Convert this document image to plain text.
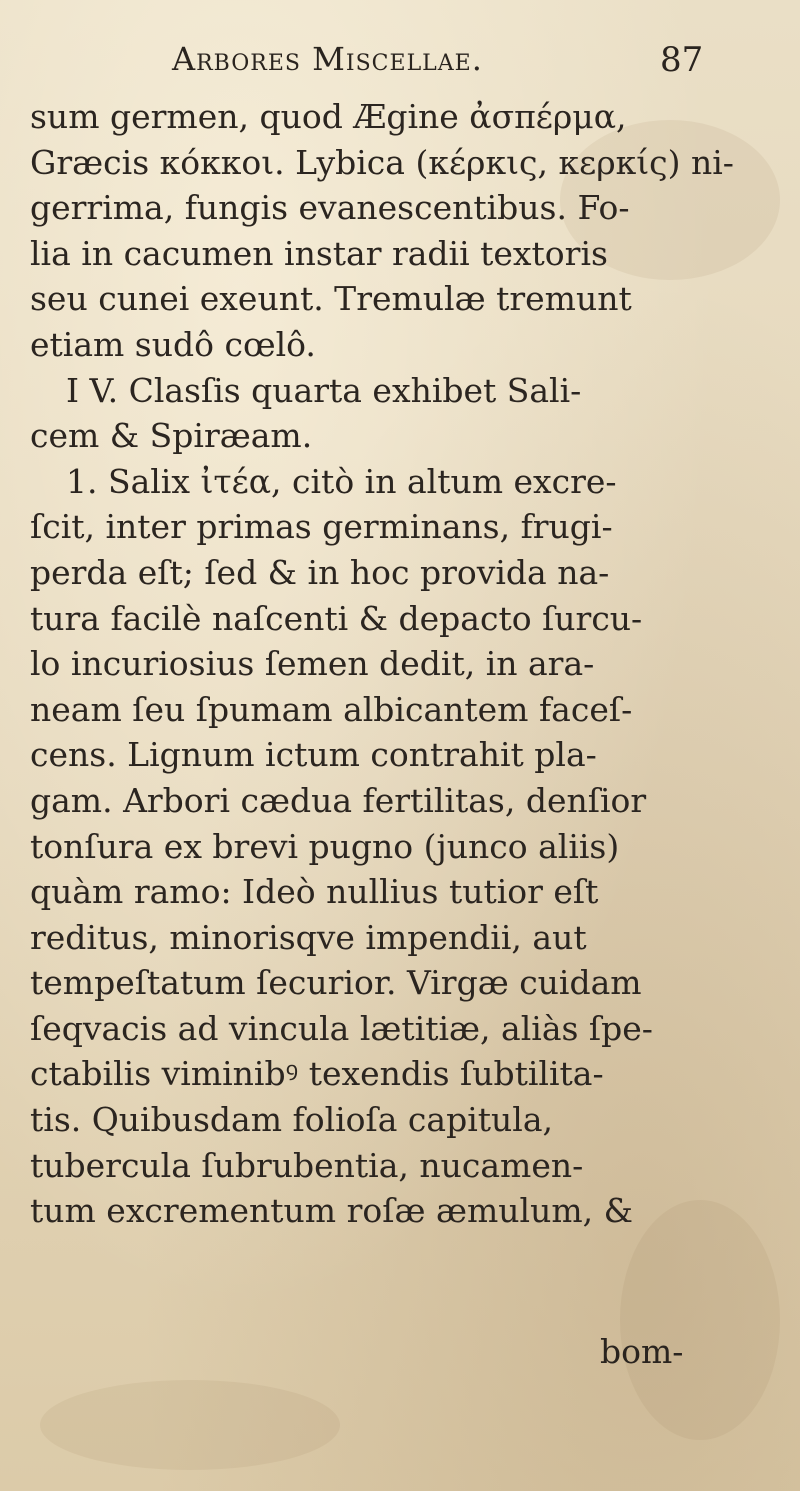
Arbores Miscellae.	87
sum germen, quod Ægine ἀσπέρμα,
Græcis κόκκοι. Lybica (κέρκις, κερκίς) ni-
gerrima, fungis evanescentibus. Fo-
lia in cacumen instar radii textoris
seu cunei exeunt. Tremulæ tremunt
etiam sudô cœlô.
I V. Clasſis quarta exhibet Sali-
cem & Spiræam.
1. Salix ἰτέα, citò in altum excre-
ſcit, inter primas germinans, frugi-
perda eſt; ſed & in hoc provida na-
tura facilè naſcenti & depacto ſurcu-
lo incuriosius ſemen dedit, in ara-
neam ſeu ſpumam albicantem faceſ-
cens. Lignum ictum contrahit pla-
gam. Arbori cædua fertilitas, denſior
tonſura ex brevi pugno (junco aliis)
quàm ramo: Ideò nullius tutior eſt
reditus, minorisqve impendii, aut
tempeſtatum ſecurior. Virgæ cuidam
ſeqvacis ad vincula lætitiæ, aliàs ſpe-
ctabilis viminibꝰ texendis ſubtilita-
tis. Quibusdam folioſa capitula,
tubercula ſubrubentia, nucamen-
tum excrementum roſæ æmulum, &
bom-
